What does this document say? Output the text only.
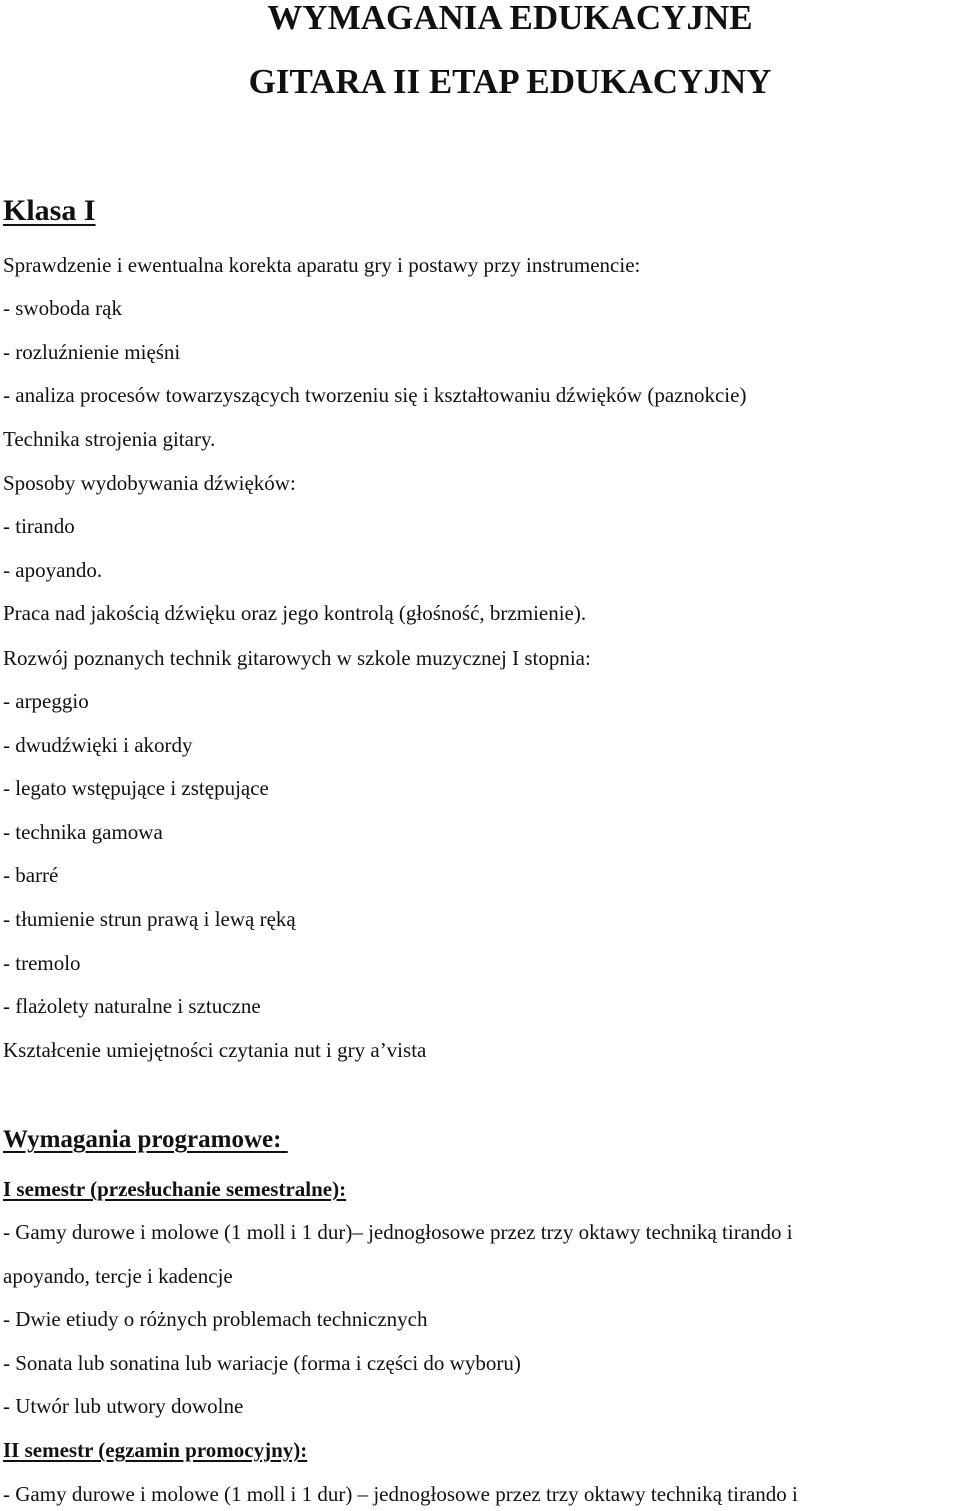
WYMAGANIA EDUKACYJNE
GITARA II ETAP EDUKACYJNY
Klasa I
Sprawdzenie i ewentualna korekta aparatu gry i postawy przy instrumencie:
- swoboda rąk
- rozluźnienie mięśni
- analiza procesów towarzyszących tworzeniu się i kształtowaniu dźwięków (paznokcie)
Technika strojenia gitary.
Sposoby wydobywania dźwięków:
- tirando
- apoyando.
Praca nad jakością dźwięku oraz jego kontrolą (głośność, brzmienie).
Rozwój poznanych technik gitarowych w szkole muzycznej I stopnia:
- arpeggio
- dwudźwięki i akordy
- legato wstępujące i zstępujące
- technika gamowa
- barré
- tłumienie strun prawą i lewą ręką
- tremolo
- flażolety naturalne i sztuczne
Kształcenie umiejętności czytania nut i gry a’vista
Wymagania programowe:
I semestr (przesłuchanie semestralne):
- Gamy durowe i molowe (1 moll i 1 dur)– jednogłosowe przez trzy oktawy techniką tirando i
apoyando, tercje i kadencje
- Dwie etiudy o różnych problemach technicznych
- Sonata lub sonatina lub wariacje (forma i części do wyboru)
- Utwór lub utwory dowolne
II semestr (egzamin promocyjny):
- Gamy durowe i molowe (1 moll i 1 dur) – jednogłosowe przez trzy oktawy techniką tirando i
